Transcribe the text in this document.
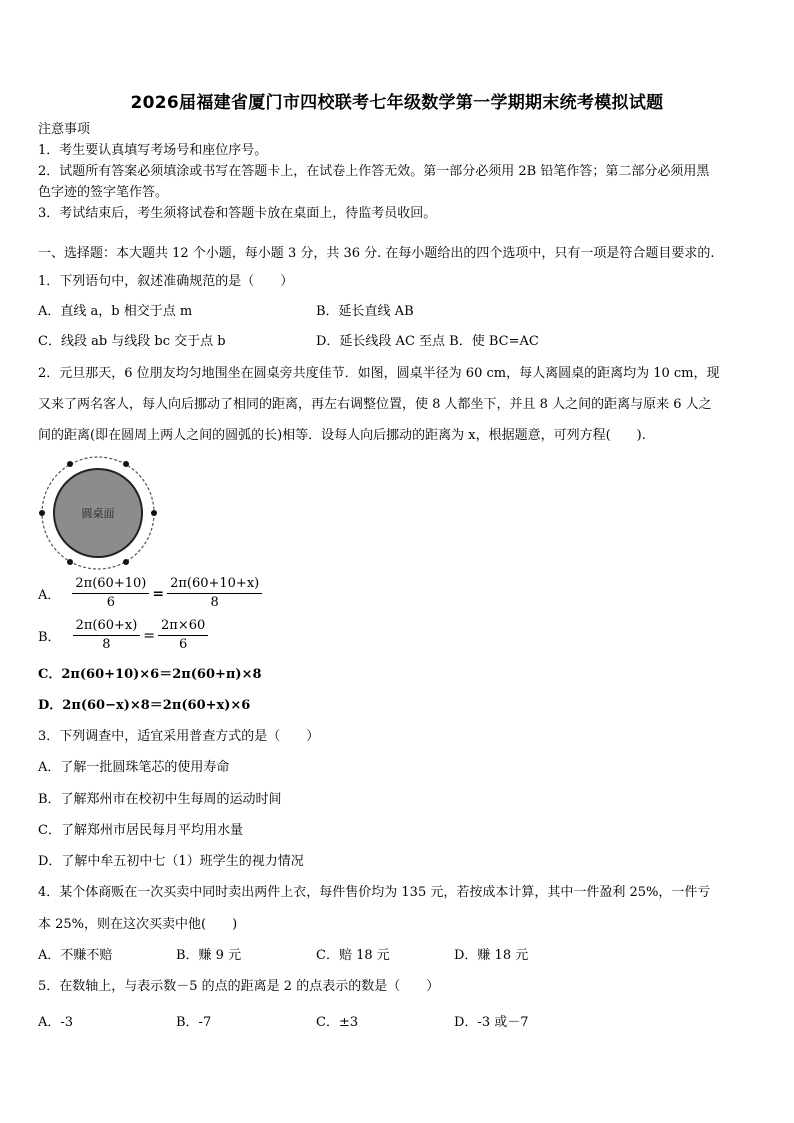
2026届福建省厦门市四校联考七年级数学第一学期期末统考模拟试题
注意事项
1．考生要认真填写考场号和座位序号。
2．试题所有答案必须填涂或书写在答题卡上，在试卷上作答无效。第一部分必须用 2B 铅笔作答；第二部分必须用黑
色字迹的签字笔作答。
3．考试结束后，考生须将试卷和答题卡放在桌面上，待监考员收回。
一、选择题：本大题共 12 个小题，每小题 3 分，共 36 分. 在每小题给出的四个选项中，只有一项是符合题目要求的.
1．下列语句中，叙述准确规范的是（　　）
A．直线 a，b 相交于点 m	B．延长直线 AB
C．线段 ab 与线段 bc 交于点 b	D．延长线段 AC 至点 B．使 BC=AC
2．元旦那天，6 位朋友均匀地围坐在圆桌旁共度佳节．如图，圆桌半径为 60 cm，每人离圆桌的距离均为 10 cm，现
又来了两名客人，每人向后挪动了相同的距离，再左右调整位置，使 8 人都坐下，并且 8 人之间的距离与原来 6 人之
间的距离(即在圆周上两人之间的圆弧的长)相等．设每人向后挪动的距离为 x，根据题意，可列方程(　　).
圆桌面
A． $\frac{2\pi(60+10)}{6} = \frac{2\pi(60+10+x)}{8}$
B． $\frac{2\pi(60+x)}{8} = \frac{2\pi\times 60}{6}$
C．2π(60+10)×6＝2π(60+π)×8
D．2π(60−x)×8＝2π(60+x)×6
3．下列调查中，适宜采用普查方式的是（　　）
A．了解一批圆珠笔芯的使用寿命
B．了解郑州市在校初中生每周的运动时间
C．了解郑州市居民每月平均用水量
D．了解中牟五初中七（1）班学生的视力情况
4．某个体商贩在一次买卖中同时卖出两件上衣，每件售价均为 135 元，若按成本计算，其中一件盈利 25%，一件亏
本 25%，则在这次买卖中他(　　)
A．不赚不赔	B．赚 9 元	C．赔 18 元	D．赚 18 元
5．在数轴上，与表示数－5 的点的距离是 2 的点表示的数是（　　）
A．-3	B．-7	C．±3	D．-3 或－7
